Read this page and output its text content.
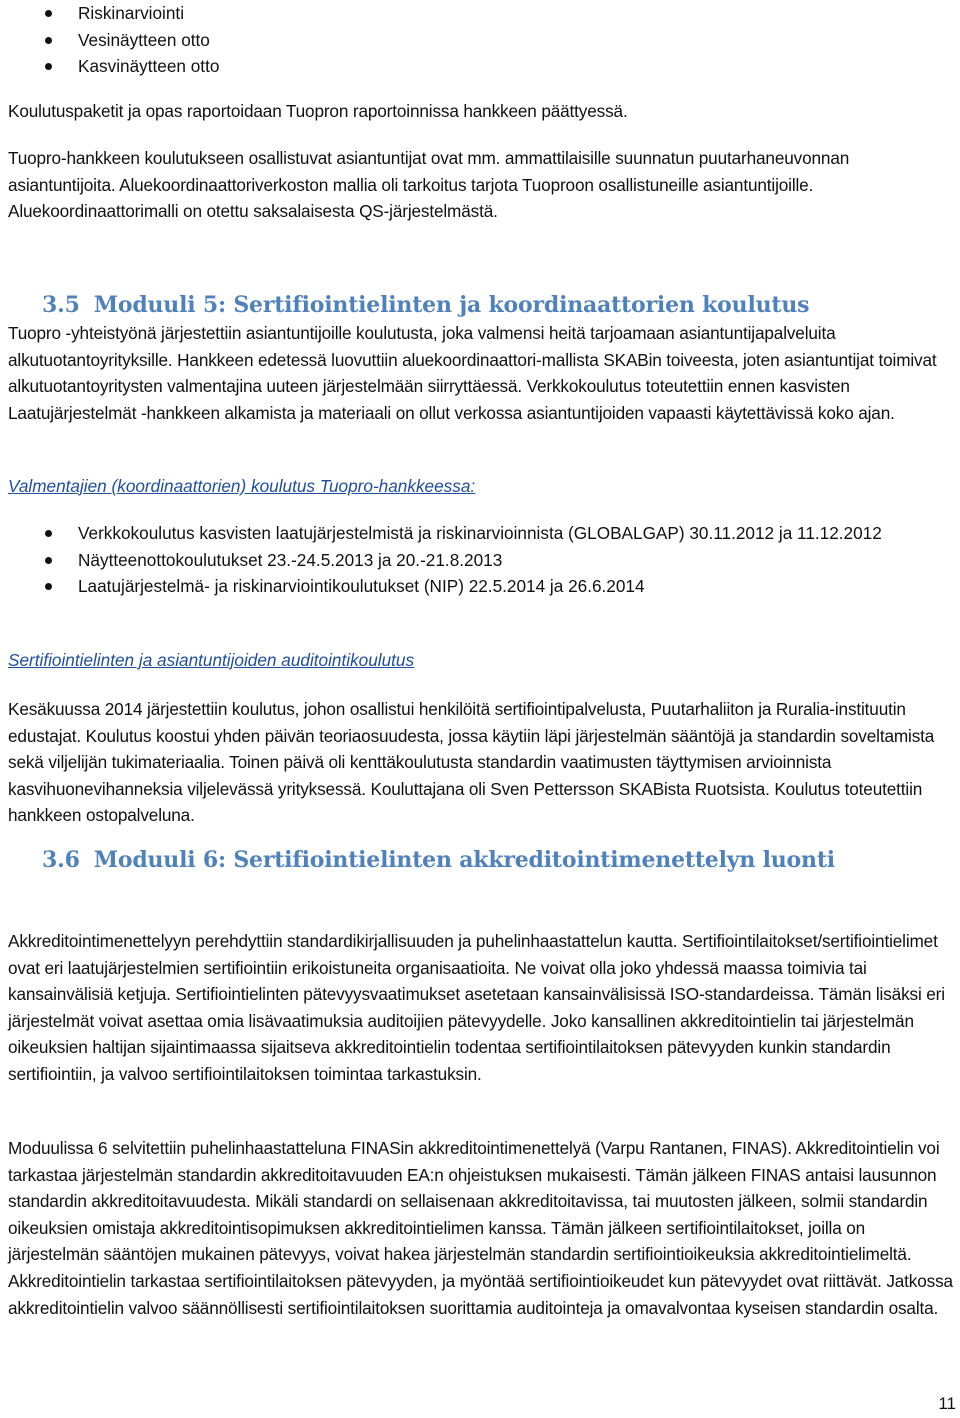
Riskinarviointi
Vesinäytteen otto
Kasvinäytteen otto

Koulutuspaketit ja opas raportoidaan Tuopron raportoinnissa hankkeen päättyessä.

Tuopro-hankkeen koulutukseen osallistuvat asiantuntijat ovat mm. ammattilaisille suunnatun puutarhaneuvonnan asiantuntijoita. Aluekoordinaattoriverkoston mallia oli tarkoitus tarjota Tuoproon osallistuneille asiantuntijoille. Aluekoordinaattorimalli on otettu saksalaisesta QS-järjestelmästä.

3.5 Moduuli 5: Sertifiointielinten ja koordinaattorien koulutus

Tuopro -yhteistyönä järjestettiin asiantuntijoille koulutusta, joka valmensi heitä tarjoamaan asiantuntijapalveluita alkutuotantoyrityksille. Hankkeen edetessä luovuttiin aluekoordinaattori-mallista SKABin toiveesta, joten asiantuntijat toimivat alkutuotantoyritysten valmentajina uuteen järjestelmään siirryttäessä. Verkkokoulutus toteutettiin ennen kasvisten Laatujärjestelmät -hankkeen alkamista ja materiaali on ollut verkossa asiantuntijoiden vapaasti käytettävissä koko ajan.

Valmentajien (koordinaattorien) koulutus Tuopro-hankkeessa:

Verkkokoulutus kasvisten laatujärjestelmistä ja riskinarvioinnista (GLOBALGAP) 30.11.2012 ja 11.12.2012
Näytteenottokoulutukset 23.-24.5.2013 ja 20.-21.8.2013
Laatujärjestelmä- ja riskinarviointikoulutukset (NIP) 22.5.2014 ja 26.6.2014

Sertifiointielinten ja asiantuntijoiden auditointikoulutus

Kesäkuussa 2014 järjestettiin koulutus, johon osallistui henkilöitä sertifiointipalvelusta, Puutarhaliiton ja Ruralia-instituutin edustajat. Koulutus koostui yhden päivän teoriaosuudesta, jossa käytiin läpi järjestelmän sääntöjä ja standardin soveltamista sekä viljelijän tukimateriaalia. Toinen päivä oli kenttäkoulutusta standardin vaatimusten täyttymisen arvioinnista kasvihuonevihanneksia viljelevässä yrityksessä. Kouluttajana oli Sven Pettersson SKABista Ruotsista. Koulutus toteutettiin hankkeen ostopalveluna.

3.6 Moduuli 6: Sertifiointielinten akkreditointimenettelyn luonti

Akkreditointimenettelyyn perehdyttiin standardikirjallisuuden ja puhelinhaastattelun kautta. Sertifiointilaitokset/sertifiointielimet ovat eri laatujärjestelmien sertifiointiin erikoistuneita organisaatioita. Ne voivat olla joko yhdessä maassa toimivia tai kansainvälisiä ketjuja. Sertifiointielinten pätevyysvaatimukset asetetaan kansainvälisissä ISO-standardeissa. Tämän lisäksi eri järjestelmät voivat asettaa omia lisävaatimuksia auditoijien pätevyydelle. Joko kansallinen akkreditointielin tai järjestelmän oikeuksien haltijan sijaintimaassa sijaitseva akkreditointielin todentaa sertifiointilaitoksen pätevyyden kunkin standardin sertifiointiin, ja valvoo sertifiointilaitoksen toimintaa tarkastuksin.

Moduulissa 6 selvitettiin puhelinhaastatteluna FINASin akkreditointimenettelyä (Varpu Rantanen, FINAS). Akkreditointielin voi tarkastaa järjestelmän standardin akkreditoitavuuden EA:n ohjeistuksen mukaisesti. Tämän jälkeen FINAS antaisi lausunnon standardin akkreditoitavuudesta. Mikäli standardi on sellaisenaan akkreditoitavissa, tai muutosten jälkeen, solmii standardin oikeuksien omistaja akkreditointisopimuksen akkreditointielimen kanssa. Tämän jälkeen sertifiointilaitokset, joilla on järjestelmän sääntöjen mukainen pätevyys, voivat hakea järjestelmän standardin sertifiointioikeuksia akkreditointielimeltä. Akkreditointielin tarkastaa sertifiointilaitoksen pätevyyden, ja myöntää sertifiointioikeudet kun pätevyydet ovat riittävät. Jatkossa akkreditointielin valvoo säännöllisesti sertifiointilaitoksen suorittamia auditointeja ja omavalvontaa kyseisen standardin osalta.

11
